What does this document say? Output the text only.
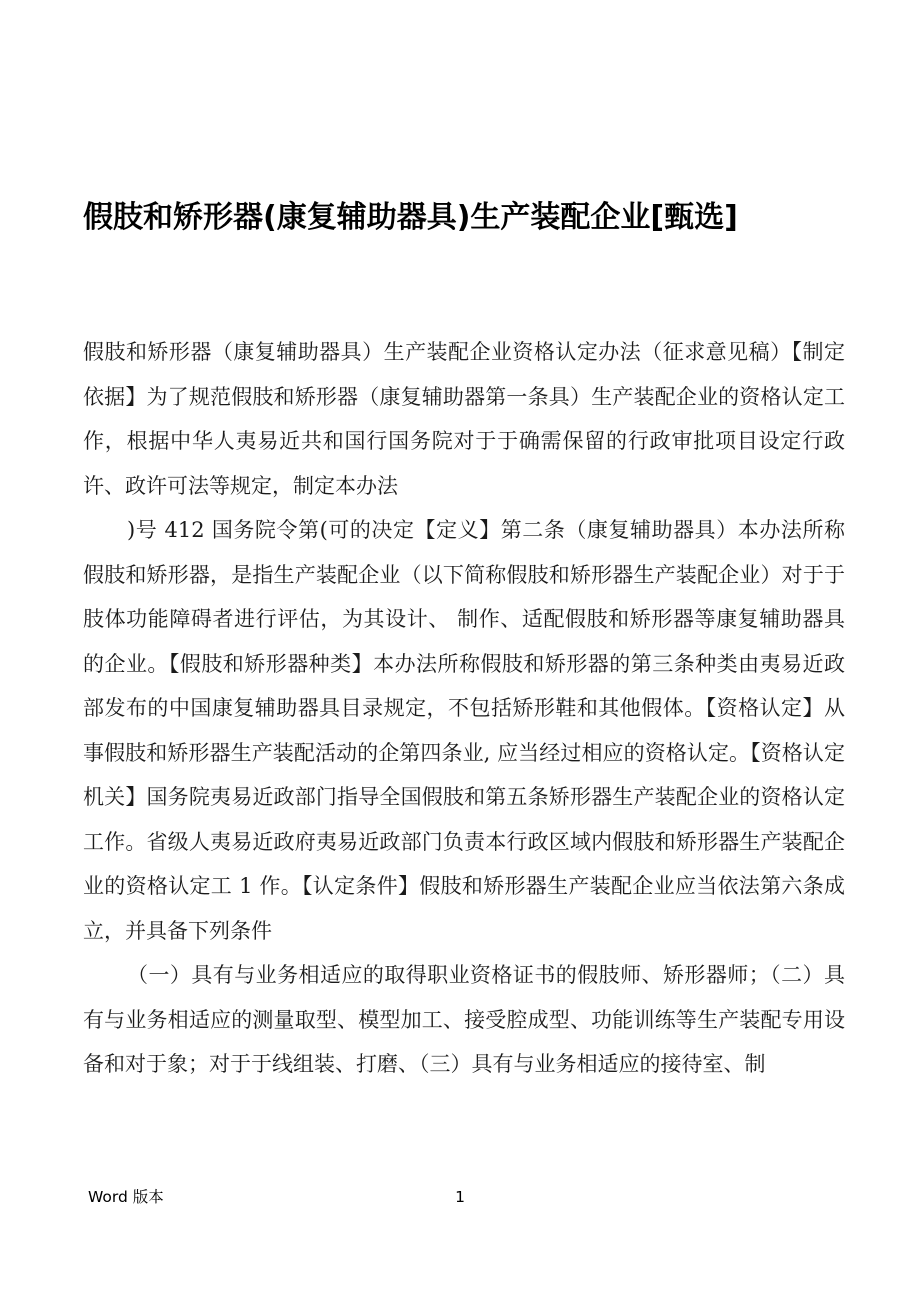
假肢和矫形器(康复辅助器具)生产装配企业[甄选]

假肢和矫形器（康复辅助器具）生产装配企业资格认定办法（征求意见稿）【制定依据】为了规范假肢和矫形器（康复辅助器第一条具）生产装配企业的资格认定工作，根据中华人夷易近共和国行国务院对于于确需保留的行政审批项目设定行政许、政许可法等规定，制定本办法

)号 412 国务院令第(可的决定【定义】第二条（康复辅助器具）本办法所称假肢和矫形器，是指生产装配企业（以下简称假肢和矫形器生产装配企业）对于于肢体功能障碍者进行评估，为其设计、 制作、适配假肢和矫形器等康复辅助器具的企业。【假肢和矫形器种类】本办法所称假肢和矫形器的第三条种类由夷易近政部发布的中国康复辅助器具目录规定，不包括矫形鞋和其他假体。【资格认定】从事假肢和矫形器生产装配活动的企第四条业, 应当经过相应的资格认定。【资格认定机关】国务院夷易近政部门指导全国假肢和第五条矫形器生产装配企业的资格认定工作。省级人夷易近政府夷易近政部门负责本行政区域内假肢和矫形器生产装配企业的资格认定工 1 作。【认定条件】假肢和矫形器生产装配企业应当依法第六条成立，并具备下列条件

（一）具有与业务相适应的取得职业资格证书的假肢师、矫形器师；（二）具有与业务相适应的测量取型、模型加工、接受腔成型、功能训练等生产装配专用设备和对于象；对于于线组装、打磨、（三）具有与业务相适应的接待室、制

Word 版本	1
